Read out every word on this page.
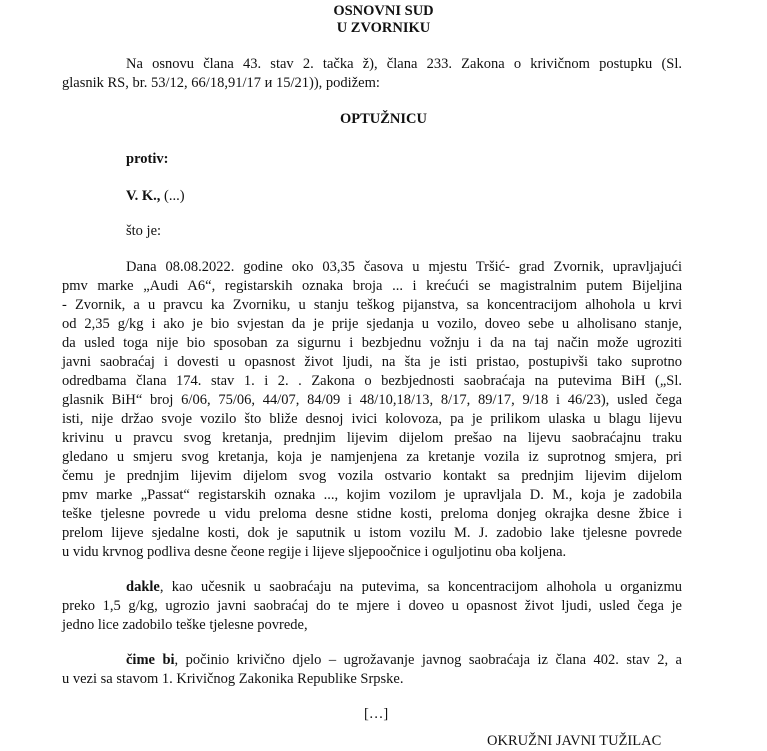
OSNOVNI SUD
U ZVORNIKU
Na osnovu člana 43. stav 2. tačka ž), člana 233. Zakona o krivičnom postupku (Sl.
glasnik RS, br. 53/12, 66/18,91/17 и 15/21)), podižem:
OPTUŽNICU
protiv:
V. K., (...)
što je:
Dana 08.08.2022. godine oko 03,35 časova u mjestu Tršić- grad Zvornik, upravljajući
pmv marke „Audi A6“, registarskih oznaka broja ... i krećući se magistralnim putem Bijeljina
- Zvornik, a u pravcu ka Zvorniku, u stanju teškog pijanstva, sa koncentracijom alhohola u krvi
od 2,35 g/kg i ako je bio svjestan da je prije sjedanja u vozilo, doveo sebe u alholisano stanje,
da usled toga nije bio sposoban za sigurnu i bezbjednu vožnju i da na taj način može ugroziti
javni saobraćaj i dovesti u opasnost život ljudi, na šta je isti pristao, postupivši tako suprotno
odredbama člana 174. stav 1. i 2. . Zakona o bezbjednosti saobraćaja na putevima BiH („Sl.
glasnik BiH“ broj 6/06, 75/06, 44/07, 84/09 i 48/10,18/13, 8/17, 89/17, 9/18 i 46/23), usled čega
isti, nije držao svoje vozilo što bliže desnoj ivici kolovoza, pa je prilikom ulaska u blagu lijevu
krivinu u pravcu svog kretanja, prednjim lijevim dijelom prešao na lijevu saobraćajnu traku
gledano u smjeru svog kretanja, koja je namjenjena za kretanje vozila iz suprotnog smjera, pri
čemu je prednjim lijevim dijelom svog vozila ostvario kontakt sa prednjim lijevim dijelom
pmv marke „Passat“ registarskih oznaka ..., kojim vozilom je upravljala D. M., koja je zadobila
teške tjelesne povrede u vidu preloma desne stidne kosti, preloma donjeg okrajka desne žbice i
prelom lijeve sjedalne kosti, dok je saputnik u istom vozilu M. J. zadobio lake tjelesne povrede
u vidu krvnog podliva desne čeone regije i lijeve sljepoočnice i oguljotinu oba koljena.
dakle, kao učesnik u saobraćaju na putevima, sa koncentracijom alhohola u organizmu
preko 1,5 g/kg, ugrozio javni saobraćaj do te mjere i doveo u opasnost život ljudi, usled čega je
jedno lice zadobilo teške tjelesne povrede,
čime bi, počinio krivično djelo – ugrožavanje javnog saobraćaja iz člana 402. stav 2, a
u vezi sa stavom 1. Krivičnog Zakonika Republike Srpske.
[…]
OKRUŽNI JAVNI TUŽILAC
